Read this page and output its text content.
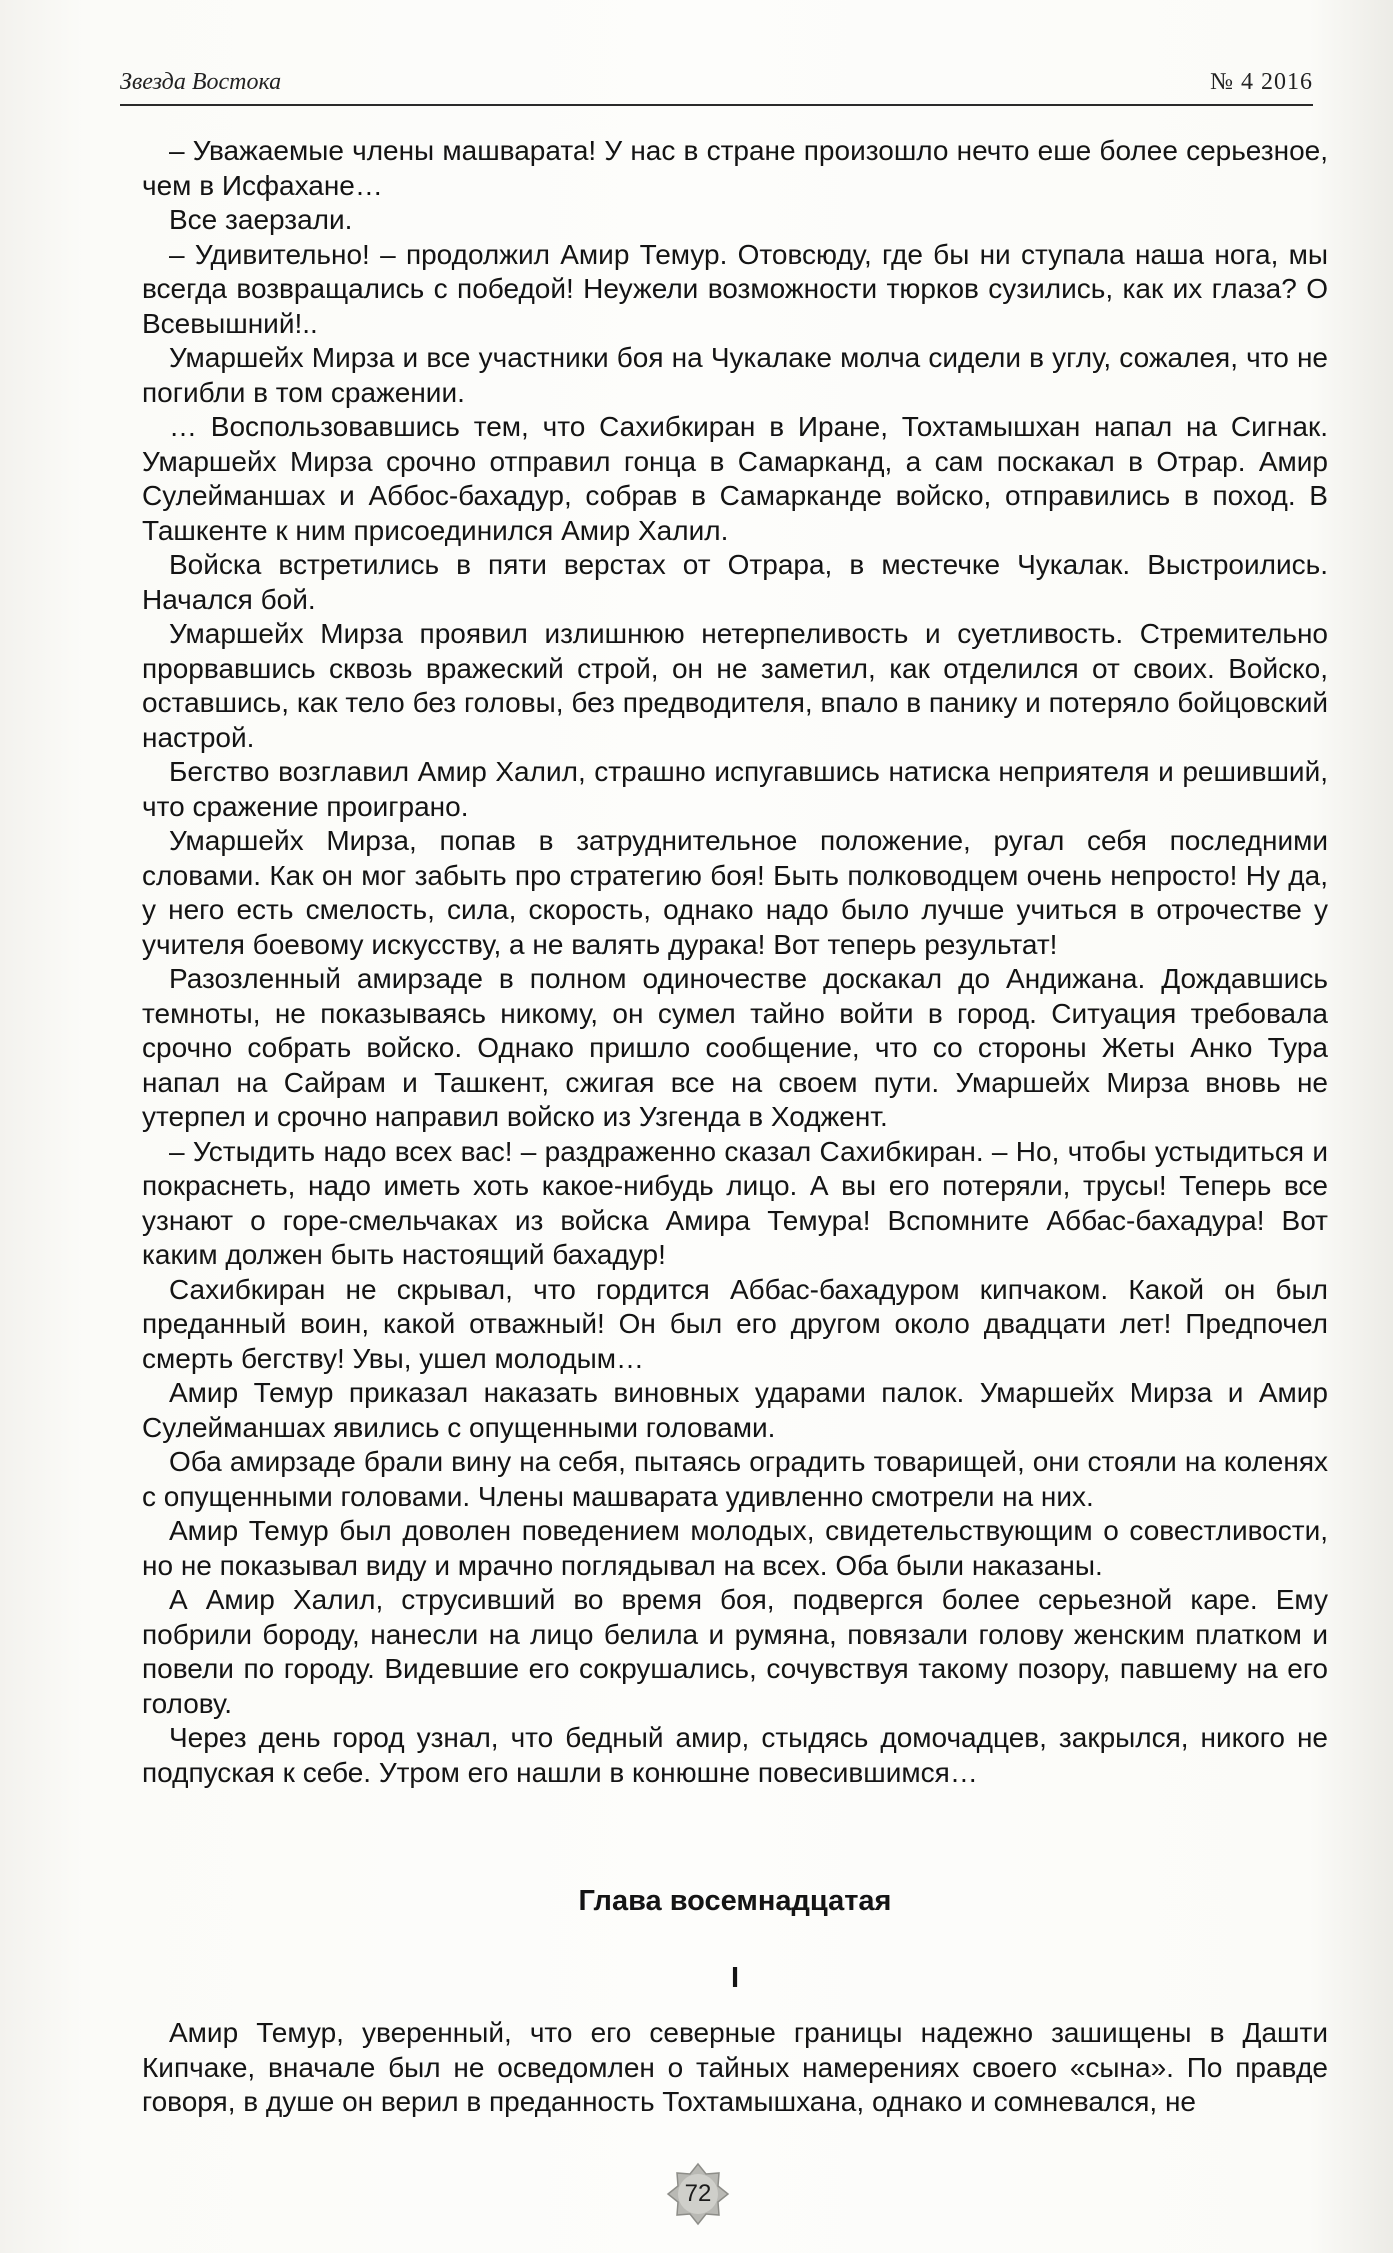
Звезда Востока	№ 4 2016

– Уважаемые члены машварата! У нас в стране произошло нечто еше более серьезное, чем в Исфахане…

Все заерзали.

– Удивительно! – продолжил Амир Темур. Отовсюду, где бы ни ступала наша нога, мы всегда возвращались с победой! Неужели возможности тюрков сузились, как их глаза? О Всевышний!..

Умаршейх Мирза и все участники боя на Чукалаке молча сидели в углу, сожалея, что не погибли в том сражении.

… Воспользовавшись тем, что Сахибкиран в Иране, Тохтамышхан напал на Сигнак. Умаршейх Мирза срочно отправил гонца в Самарканд, а сам поскакал в Отрар. Амир Сулейманшах и Аббос-бахадур, собрав в Самарканде войско, отправились в поход. В Ташкенте к ним присоединился Амир Халил.

Войска встретились в пяти верстах от Отрара, в местечке Чукалак. Выстроились. Начался бой.

Умаршейх Мирза проявил излишнюю нетерпеливость и суетливость. Стремительно прорвавшись сквозь вражеский строй, он не заметил, как отделился от своих. Войско, оставшись, как тело без головы, без предводителя, впало в панику и потеряло бойцовский настрой.

Бегство возглавил Амир Халил, страшно испугавшись натиска неприятеля и решивший, что сражение проиграно.

Умаршейх Мирза, попав в затруднительное положение, ругал себя последними словами. Как он мог забыть про стратегию боя! Быть полководцем очень непросто! Ну да, у него есть смелость, сила, скорость, однако надо было лучше учиться в отрочестве у учителя боевому искусству, а не валять дурака! Вот теперь результат!

Разозленный амирзаде в полном одиночестве доскакал до Андижана. Дождавшись темноты, не показываясь никому, он сумел тайно войти в город. Ситуация требовала срочно собрать войско. Однако пришло сообщение, что со стороны Жеты Анко Тура напал на Сайрам и Ташкент, сжигая все на своем пути. Умаршейх Мирза вновь не утерпел и срочно направил войско из Узгенда в Ходжент.

– Устыдить надо всех вас! – раздраженно сказал Сахибкиран. – Но, чтобы устыдиться и покраснеть, надо иметь хоть какое-нибудь лицо. А вы его потеряли, трусы! Теперь все узнают о горе-смельчаках из войска Амира Темура! Вспомните Аббас-бахадура! Вот каким должен быть настоящий бахадур!

Сахибкиран не скрывал, что гордится Аббас-бахадуром кипчаком. Какой он был преданный воин, какой отважный! Он был его другом около двадцати лет! Предпочел смерть бегству! Увы, ушел молодым…

Амир Темур приказал наказать виновных ударами палок. Умаршейх Мирза и Амир Сулейманшах явились с опущенными головами.

Оба амирзаде брали вину на себя, пытаясь оградить товарищей, они стояли на коленях с опущенными головами. Члены машварата удивленно смотрели на них.

Амир Темур был доволен поведением молодых, свидетельствующим о совестливости, но не показывал виду и мрачно поглядывал на всех. Оба были наказаны.

А Амир Халил, струсивший во время боя, подвергся более серьезной каре. Ему побрили бороду, нанесли на лицо белила и румяна, повязали голову женским платком и повели по городу. Видевшие его сокрушались, сочувствуя такому позору, павшему на его голову.

Через день город узнал, что бедный амир, стыдясь домочадцев, закрылся, никого не подпуская к себе. Утром его нашли в конюшне повесившимся…

Глава восемнадцатая
I

Амир Темур, уверенный, что его северные границы надежно зашищены в Дашти Кипчаке, вначале был не осведомлен о тайных намерениях своего «сына». По правде говоря, в душе он верил в преданность Тохтамышхана, однако и сомневался, не

72
